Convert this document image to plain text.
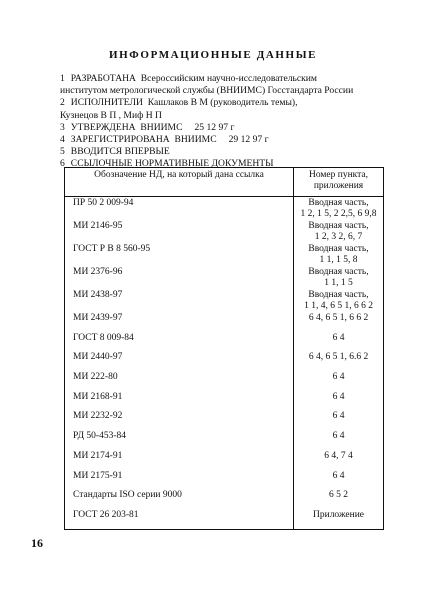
ИНФОРМАЦИОННЫЕ ДАННЫЕ
1 РАЗРАБОТАНА Всероссийским научно-исследовательским
институтом метрологической службы (ВНИИМС) Госстандарта России
2 ИСПОЛНИТЕЛИ Кашлаков В М (руководитель темы),
Кузнецов В П , Миф Н П
3 УТВЕРЖДЕНА ВНИИМС 25 12 97 г
4 ЗАРЕГИСТРИРОВАНА ВНИИМС 29 12 97 г
5 ВВОДИТСЯ ВПЕРВЫЕ
6 ССЫЛОЧНЫЕ НОРМАТИВНЫЕ ДОКУМЕНТЫ
Обозначение НД, на который дана ссылка	Номер пункта,
приложения

ПР 50 2 009-94	Вводная часть,
1 2, 1 5, 2 2,5, 6 9,8

МИ 2146-95	Вводная часть,
1 2, 3 2, 6, 7

ГОСТ Р В 8 560-95	Вводная часть,
1 1, 1 5, 8

МИ 2376-96	Вводная часть,
1 1, 1 5

МИ 2438-97	Вводная часть,
1 1, 4, 6 5 1, 6 6 2

МИ 2439-97	6 4, 6 5 1, 6 6 2

ГОСТ 8 009-84	6 4

МИ 2440-97	6 4, 6 5 1, 6.6 2

МИ 222-80	6 4

МИ 2168-91	6 4

МИ 2232-92	6 4

РД 50-453-84	6 4

МИ 2174-91	6 4, 7 4

МИ 2175-91	6 4

Стандарты ISO серии 9000	6 5 2

ГОСТ 26 203-81	Приложение
16
